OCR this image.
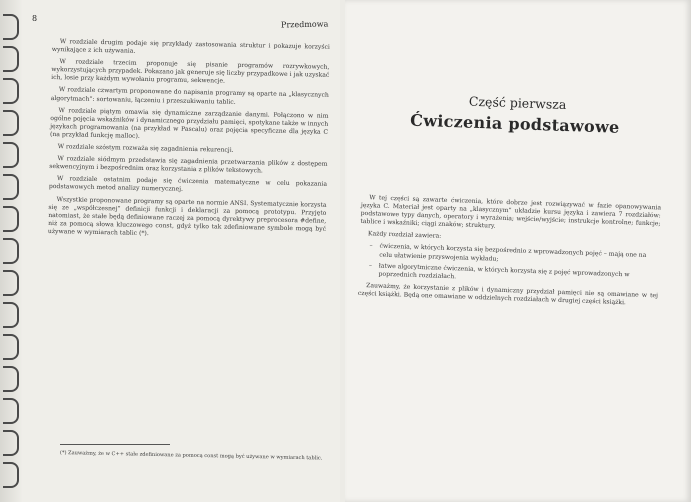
8
Przedmowa

W rozdziale drugim podaje się przykłady zastosowania struktur i pokazuje korzyści wynikające z ich używania.

W rozdziale trzecim proponuje się pisanie programów rozrywkowych, wykorzystujących przypadek. Pokazano jak generuje się liczby przypadkowe i jak uzyskać ich, losie przy każdym wywołaniu programu, sekwencje.

W rozdziale czwartym proponowane do napisania programy są oparte na „klasycznych algorytmach”: sortowaniu, łączeniu i przeszukiwaniu tablic.

W rozdziale piątym omawia się dynamiczne zarządzanie danymi. Połączono w nim ogólne pojęcia wskaźników i dynamicznego przydziału pamięci, spotykane także w innych językach programowania (na przykład w Pascalu) oraz pojęcia specyficzne dla języka C (na przykład funkcję malloc).

W rozdziale szóstym rozważa się zagadnienia rekurencji.

W rozdziale siódmym przedstawia się zagadnienia przetwarzania plików z dostępem sekwencyjnym i bezpośrednim oraz korzystania z plików tekstowych.

W rozdziale ostatnim podaje się ćwiczenia matematyczne w celu pokazania podstawowych metod analizy numerycznej.

Wszystkie proponowane programy są oparte na normie ANSI. Systematycznie korzysta się ze „współczesnej” definicji funkcji i deklaracji za pomocą prototypu. Przyjęto natomiast, że stałe będą definiowane raczej za pomocą dyrektywy preprocesora #define, niż za pomocą słowa kluczowego const, gdyż tylko tak zdefiniowane symbole mogą być używane w wymiarach tablic (*).

(*) Zauważmy, że w C++ stałe zdefiniowane za pomocą const mogą być używane w wymiarach tablic.
Część pierwsza
Ćwiczenia podstawowe

W tej części są zawarte ćwiczenia, które dobrze jest rozwiązywać w fazie opanowywania języka C. Materiał jest oparty na „klasycznym” układzie kursu języka i zawiera 7 rozdziałów: podstawowe typy danych, operatory i wyrażenia; wejście/wyjście; instrukcje kontrolne; funkcje; tablice i wskaźniki; ciągi znaków; struktury.

Każdy rozdział zawiera:

– ćwiczenia, w których korzysta się bezpośrednio z wprowadzonych pojęć – mają one na celu ułatwienie przyswojenia wykładu;
– łatwe algorytmiczne ćwiczenia, w których korzysta się z pojęć wprowadzonych w poprzednich rozdziałach.

Zauważmy, że korzystanie z plików i dynamiczny przydział pamięci nie są omawiane w tej części książki. Będą one omawiane w oddzielnych rozdziałach w drugiej części książki.
